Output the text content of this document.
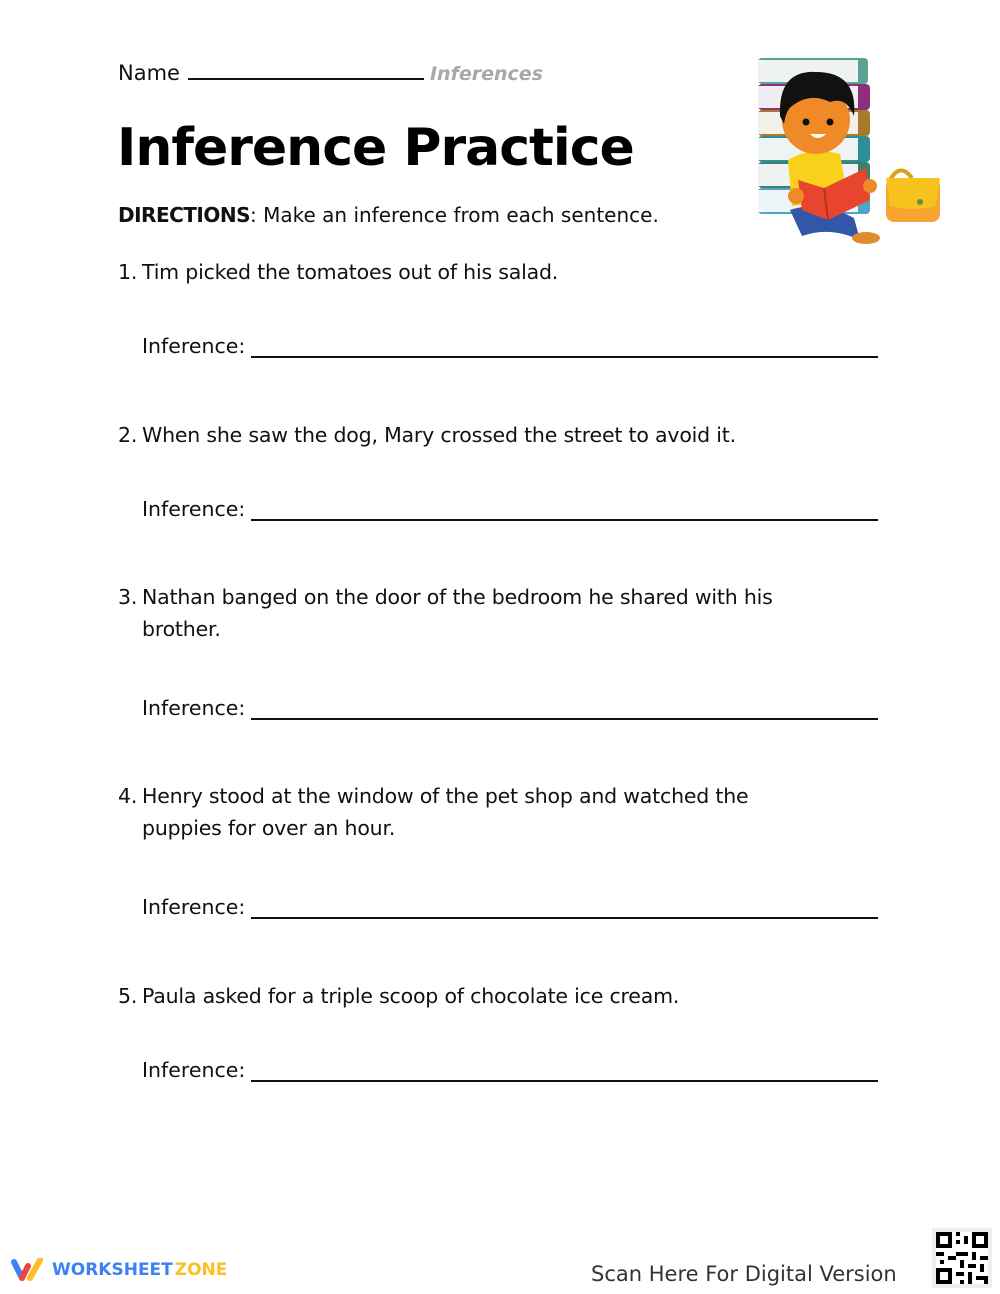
Name	Inferences
Inference Practice
DIRECTIONS: Make an inference from each sentence.
1. Tim picked the tomatoes out of his salad.
Inference:
2. When she saw the dog, Mary crossed the street to avoid it.
Inference:
3. Nathan banged on the door of the bedroom he shared with his
brother.
Inference:
4. Henry stood at the window of the pet shop and watched the
puppies for over an hour.
Inference:
5. Paula asked for a triple scoop of chocolate ice cream.
Inference:
WORKSHEET ZONE	Scan Here For Digital Version
